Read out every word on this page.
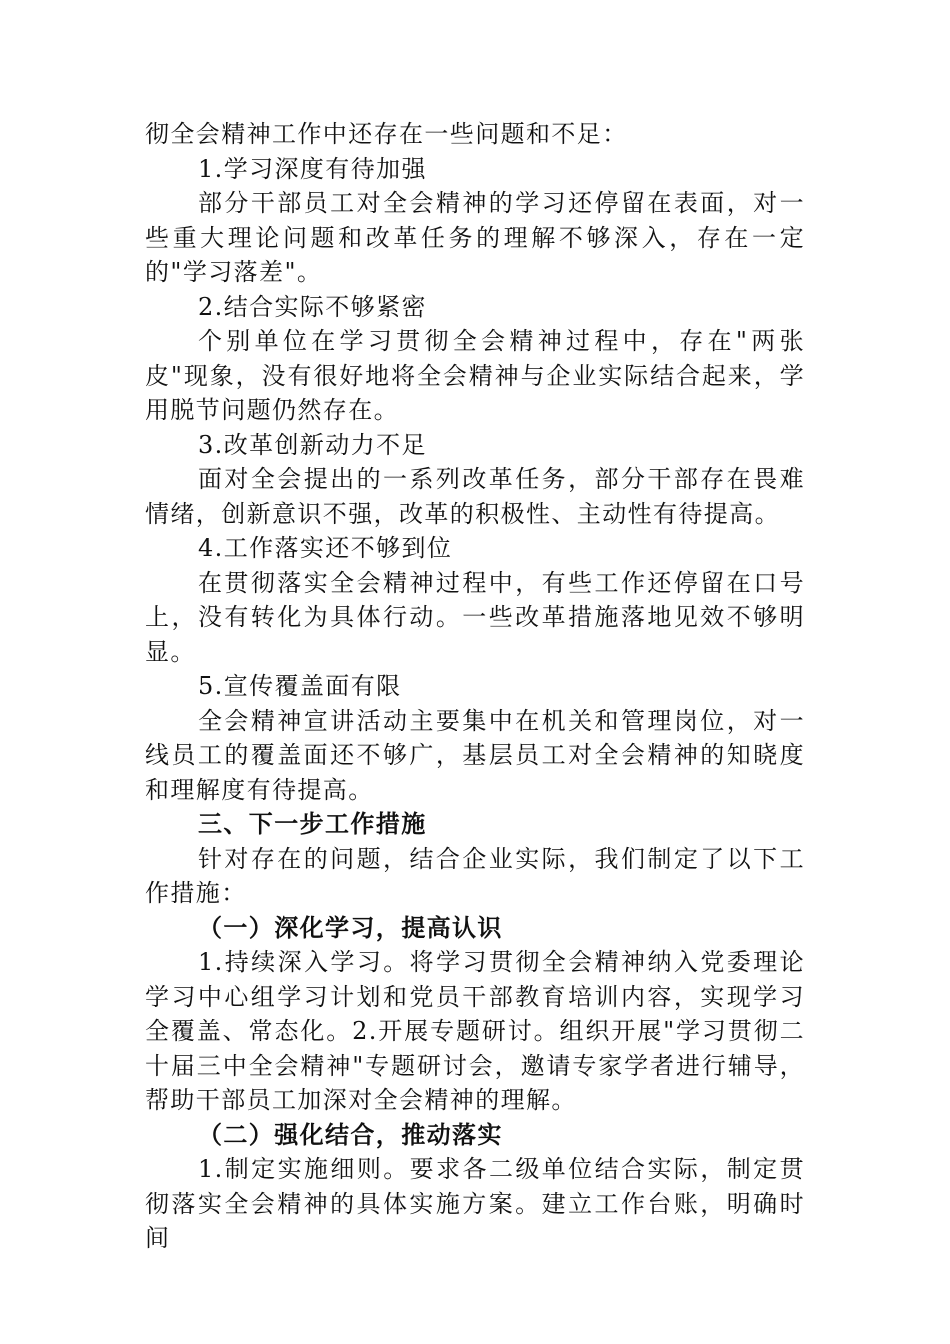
彻全会精神工作中还存在一些问题和不足：

1.学习深度有待加强

部分干部员工对全会精神的学习还停留在表面，对一些重大理论问题和改革任务的理解不够深入，存在一定的"学习落差"。

2.结合实际不够紧密

个别单位在学习贯彻全会精神过程中，存在"两张皮"现象，没有很好地将全会精神与企业实际结合起来，学用脱节问题仍然存在。

3.改革创新动力不足

面对全会提出的一系列改革任务，部分干部存在畏难情绪，创新意识不强，改革的积极性、主动性有待提高。

4.工作落实还不够到位

在贯彻落实全会精神过程中，有些工作还停留在口号上，没有转化为具体行动。一些改革措施落地见效不够明显。

5.宣传覆盖面有限

全会精神宣讲活动主要集中在机关和管理岗位，对一线员工的覆盖面还不够广，基层员工对全会精神的知晓度和理解度有待提高。

三、下一步工作措施

针对存在的问题，结合企业实际，我们制定了以下工作措施：

（一）深化学习，提高认识

1.持续深入学习。将学习贯彻全会精神纳入党委理论学习中心组学习计划和党员干部教育培训内容，实现学习全覆盖、常态化。2.开展专题研讨。组织开展"学习贯彻二十届三中全会精神"专题研讨会，邀请专家学者进行辅导，帮助干部员工加深对全会精神的理解。

（二）强化结合，推动落实

1.制定实施细则。要求各二级单位结合实际，制定贯彻落实全会精神的具体实施方案。建立工作台账，明确时间
